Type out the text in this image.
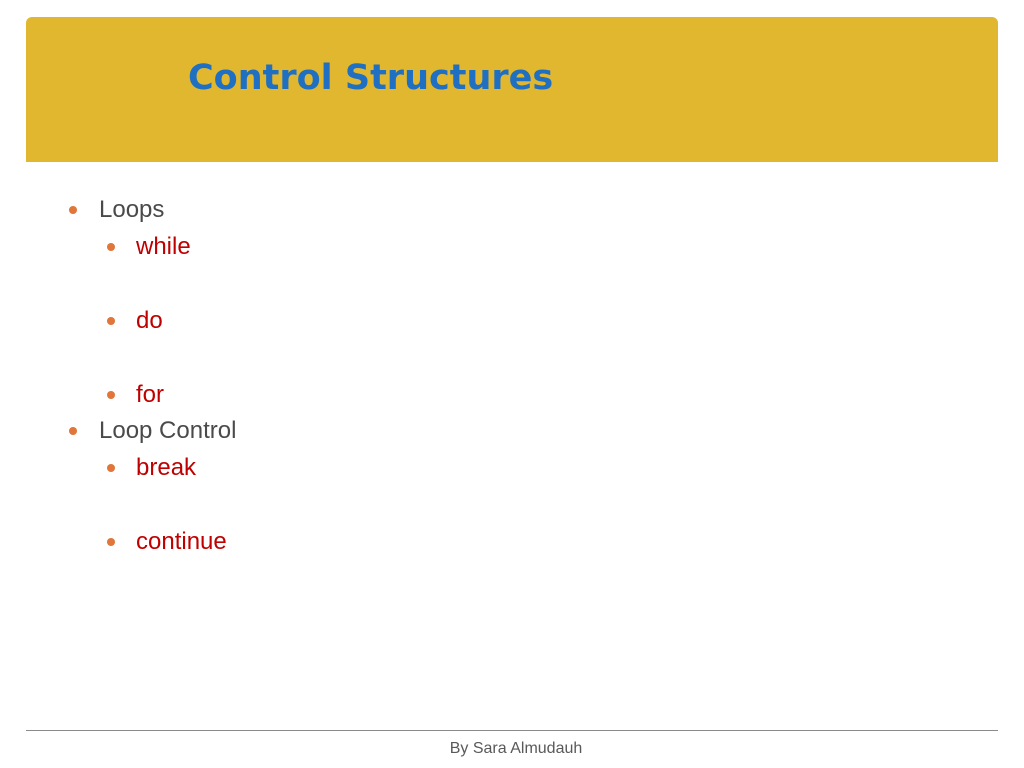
Control Structures
Loops
while
do
for
Loop Control
break
continue
By Sara Almudauh
